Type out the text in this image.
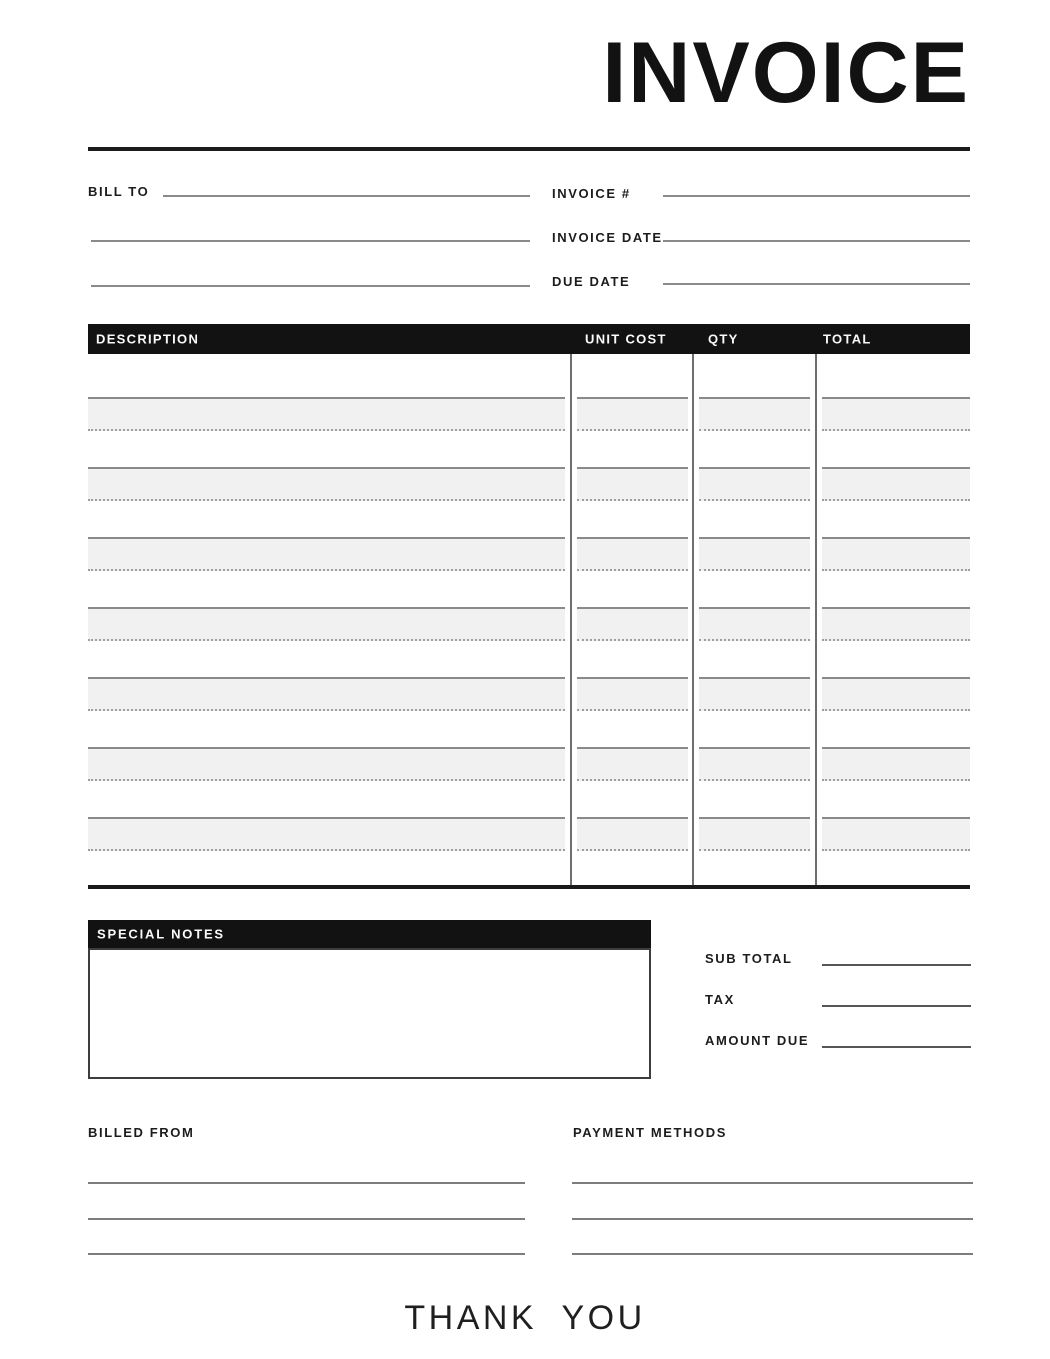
INVOICE
BILL TO	INVOICE #
INVOICE DATE
DUE DATE
DESCRIPTION	UNIT COST	QTY	TOTAL
SPECIAL NOTES
SUB TOTAL
TAX
AMOUNT DUE
BILLED FROM	PAYMENT METHODS
THANK YOU
